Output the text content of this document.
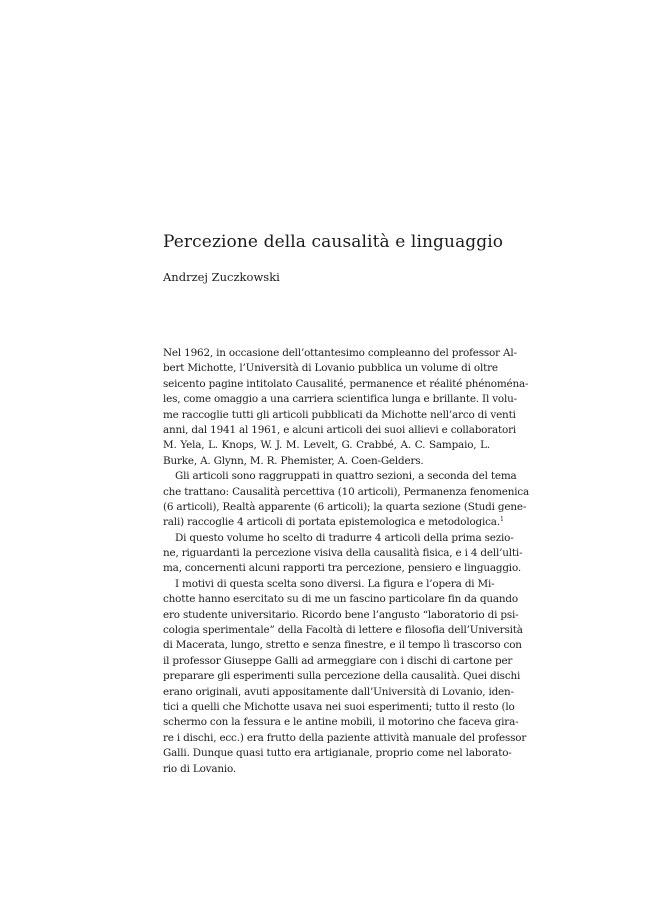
Percezione della causalità e linguaggio
Andrzej Zuczkowski
Nel 1962, in occasione dell’ottantesimo compleanno del professor Al-
bert Michotte, l’Università di Lovanio pubblica un volume di oltre
seicento pagine intitolato Causalité, permanence et réalité phénoména-
les, come omaggio a una carriera scientifica lunga e brillante. Il volu-
me raccoglie tutti gli articoli pubblicati da Michotte nell’arco di venti
anni, dal 1941 al 1961, e alcuni articoli dei suoi allievi e collaboratori
M. Yela, L. Knops, W. J. M. Levelt, G. Crabbé, A. C. Sampaio, L.
Burke, A. Glynn, M. R. Phemister, A. Coen-Gelders.
Gli articoli sono raggruppati in quattro sezioni, a seconda del tema
che trattano: Causalità percettiva (10 articoli), Permanenza fenomenica
(6 articoli), Realtà apparente (6 articoli); la quarta sezione (Studi gene-
rali) raccoglie 4 articoli di portata epistemologica e metodologica.$^1$
Di questo volume ho scelto di tradurre 4 articoli della prima sezio-
ne, riguardanti la percezione visiva della causalità fisica, e i 4 dell’ulti-
ma, concernenti alcuni rapporti tra percezione, pensiero e linguaggio.
I motivi di questa scelta sono diversi. La figura e l’opera di Mi-
chotte hanno esercitato su di me un fascino particolare fin da quando
ero studente universitario. Ricordo bene l’angusto “laboratorio di psi-
cologia sperimentale” della Facoltà di lettere e filosofia dell’Università
di Macerata, lungo, stretto e senza finestre, e il tempo lì trascorso con
il professor Giuseppe Galli ad armeggiare con i dischi di cartone per
preparare gli esperimenti sulla percezione della causalità. Quei dischi
erano originali, avuti appositamente dall’Università di Lovanio, iden-
tici a quelli che Michotte usava nei suoi esperimenti; tutto il resto (lo
schermo con la fessura e le antine mobili, il motorino che faceva gira-
re i dischi, ecc.) era frutto della paziente attività manuale del professor
Galli. Dunque quasi tutto era artigianale, proprio come nel laborato-
rio di Lovanio.
